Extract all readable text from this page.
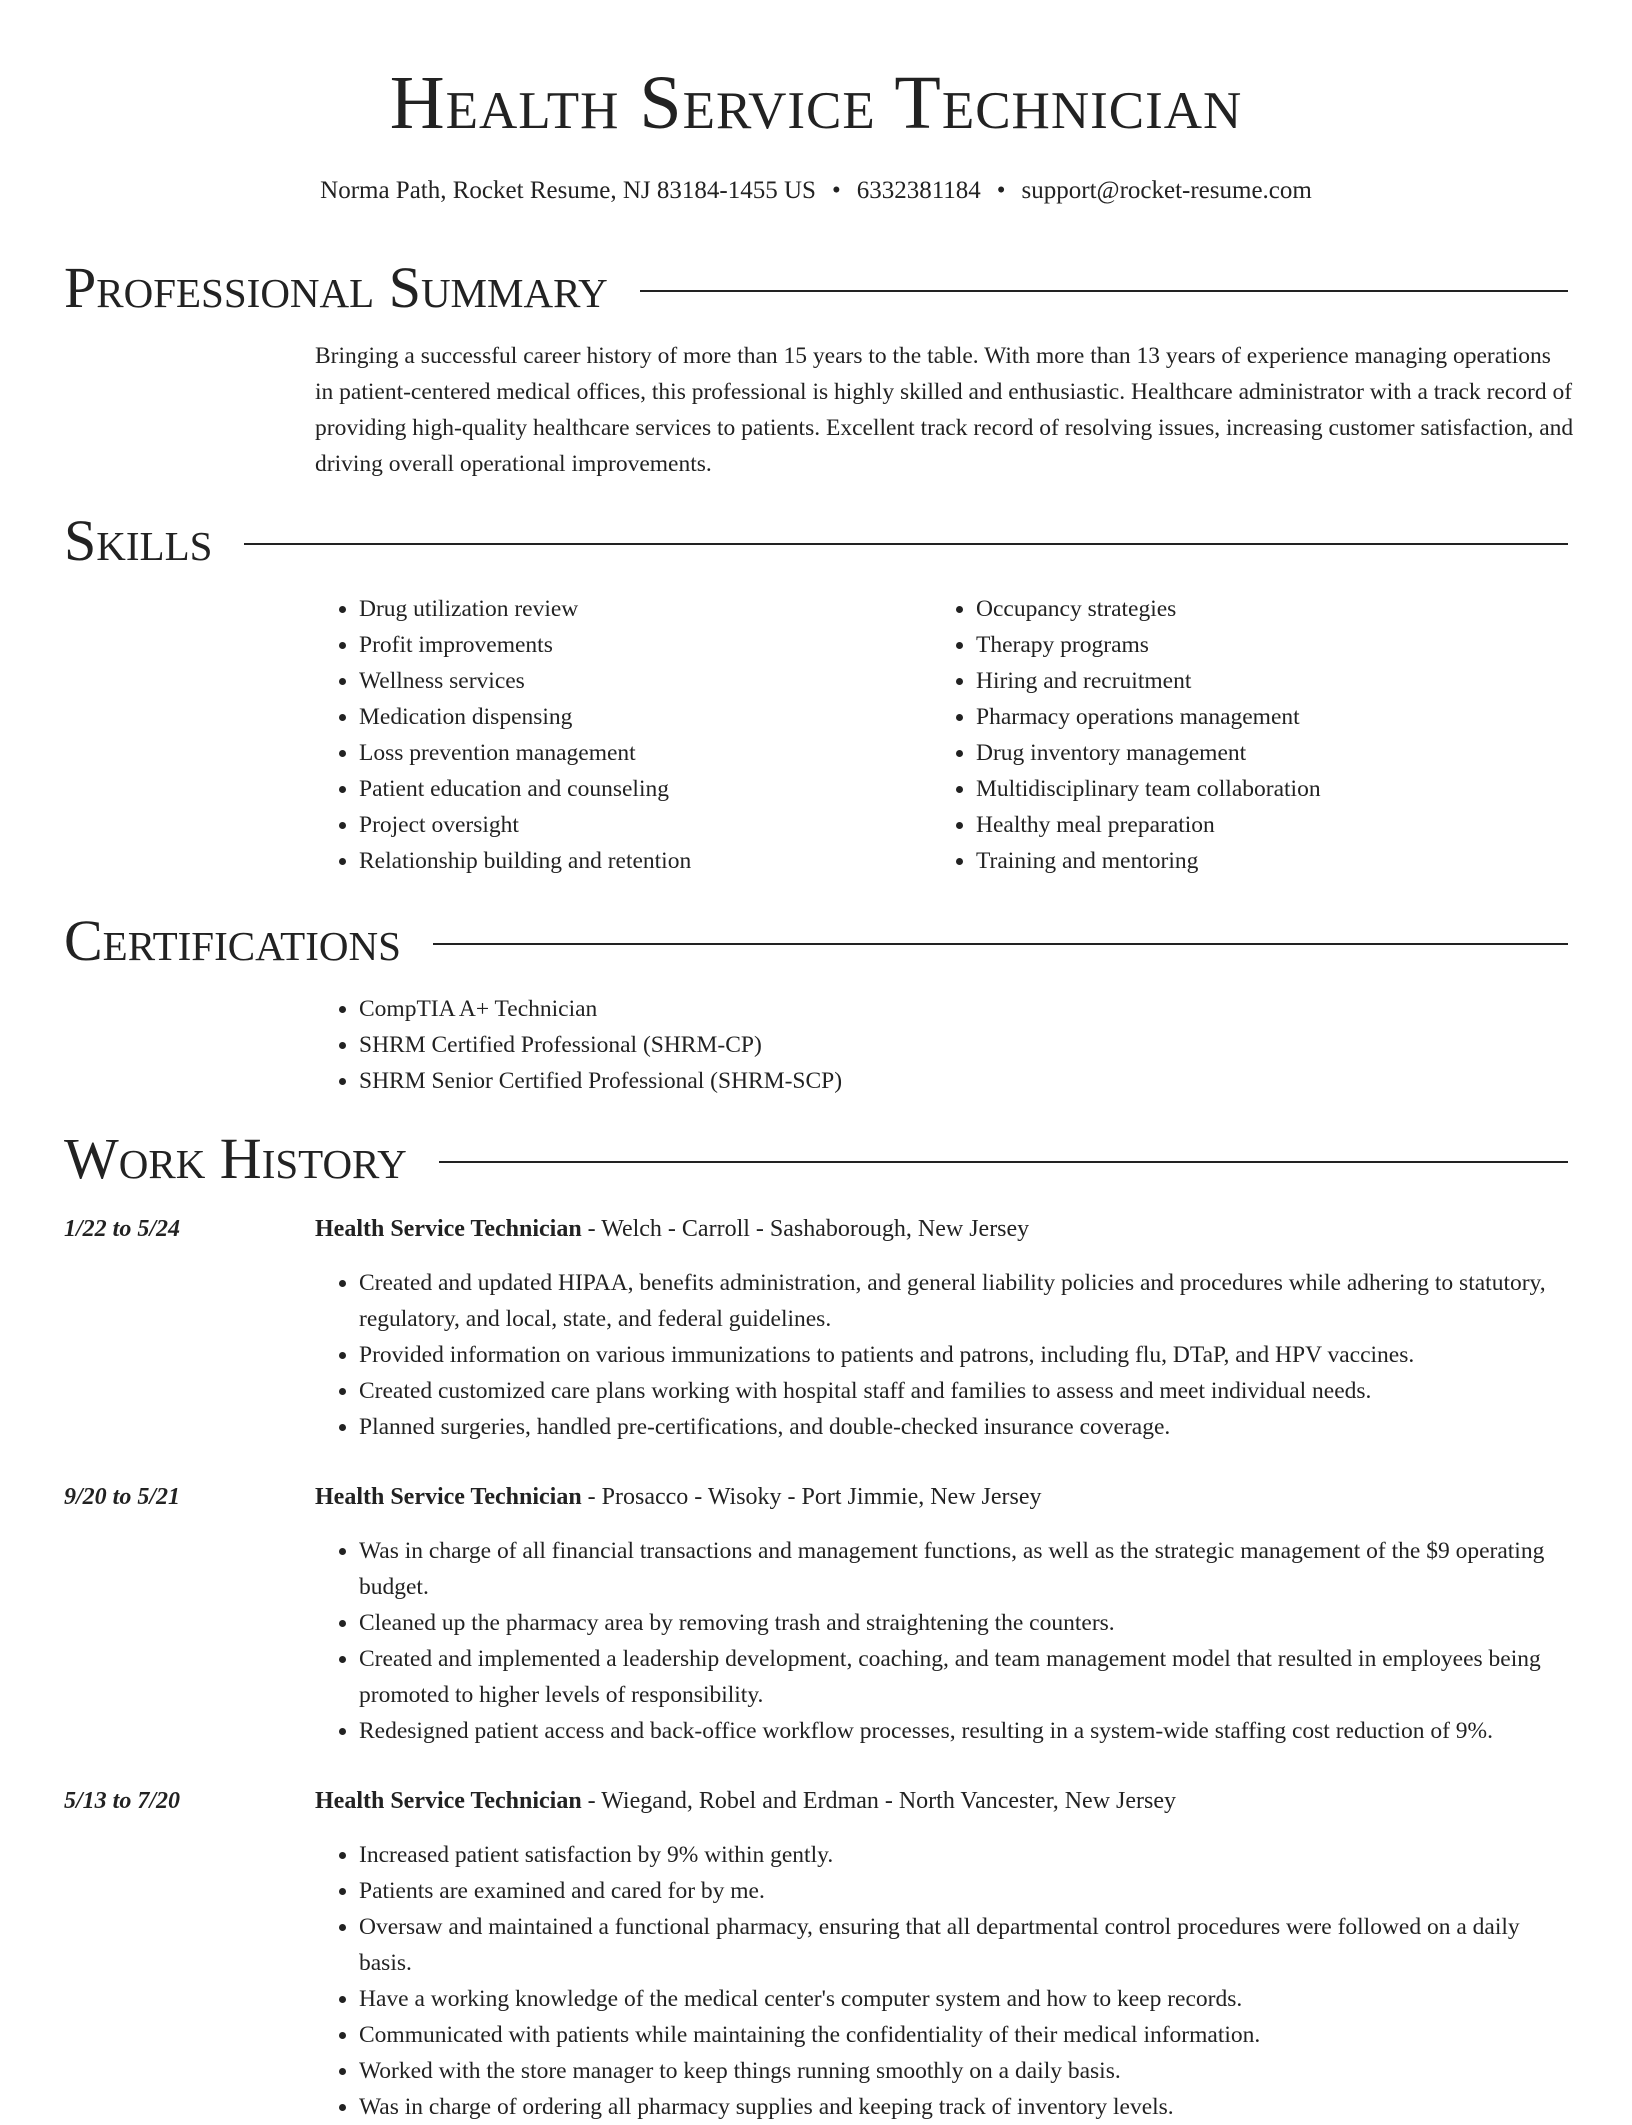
Health Service Technician
Norma Path, Rocket Resume, NJ 83184-1455 US • 6332381184 • support@rocket-resume.com
Professional Summary

Bringing a successful career history of more than 15 years to the table. With more than 13 years of experience managing operations in patient-centered medical offices, this professional is highly skilled and enthusiastic. Healthcare administrator with a track record of providing high-quality healthcare services to patients. Excellent track record of resolving issues, increasing customer satisfaction, and driving overall operational improvements.

Skills
• Drug utilization review
• Profit improvements
• Wellness services
• Medication dispensing
• Loss prevention management
• Patient education and counseling
• Project oversight
• Relationship building and retention
• Occupancy strategies
• Therapy programs
• Hiring and recruitment
• Pharmacy operations management
• Drug inventory management
• Multidisciplinary team collaboration
• Healthy meal preparation
• Training and mentoring
Certifications
• CompTIA A+ Technician
• SHRM Certified Professional (SHRM-CP)
• SHRM Senior Certified Professional (SHRM-SCP)
Work History
1/22 to 5/24	Health Service Technician - Welch - Carroll - Sashaborough, New Jersey
• Created and updated HIPAA, benefits administration, and general liability policies and procedures while adhering to statutory, regulatory, and local, state, and federal guidelines.
• Provided information on various immunizations to patients and patrons, including flu, DTaP, and HPV vaccines.
• Created customized care plans working with hospital staff and families to assess and meet individual needs.
• Planned surgeries, handled pre-certifications, and double-checked insurance coverage.
9/20 to 5/21	Health Service Technician - Prosacco - Wisoky - Port Jimmie, New Jersey
• Was in charge of all financial transactions and management functions, as well as the strategic management of the $9 operating budget.
• Cleaned up the pharmacy area by removing trash and straightening the counters.
• Created and implemented a leadership development, coaching, and team management model that resulted in employees being promoted to higher levels of responsibility.
• Redesigned patient access and back-office workflow processes, resulting in a system-wide staffing cost reduction of 9%.
5/13 to 7/20	Health Service Technician - Wiegand, Robel and Erdman - North Vancester, New Jersey
• Increased patient satisfaction by 9% within gently.
• Patients are examined and cared for by me.
• Oversaw and maintained a functional pharmacy, ensuring that all departmental control procedures were followed on a daily basis.
• Have a working knowledge of the medical center's computer system and how to keep records.
• Communicated with patients while maintaining the confidentiality of their medical information.
• Worked with the store manager to keep things running smoothly on a daily basis.
• Was in charge of ordering all pharmacy supplies and keeping track of inventory levels.
